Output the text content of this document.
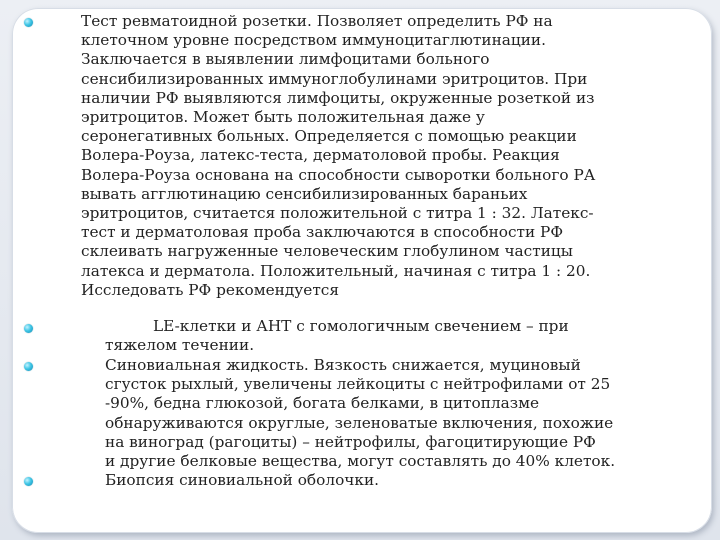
Тест ревматоидной розетки. Позволяет определить РФ на
клеточном уровне посредством иммуноцитаглютинации.
Заключается в выявлении лимфоцитами больного
сенсибилизированных иммуноглобулинами эритроцитов. При
наличии РФ выявляются лимфоциты, окруженные розеткой из
эритроцитов. Может быть положительная даже у
серонегативных больных. Определяется с помощью реакции
Волера-Роуза, латекс-теста, дерматоловой пробы. Реакция
Волера-Роуза основана на способности сыворотки больного РА
вывать агглютинацию сенсибилизированных бараньих
эритроцитов, считается положительной с титра 1 : 32. Латекс-
тест и дерматоловая проба заключаются в способности РФ
склеивать нагруженные человеческим глобулином частицы
латекса и дерматола. Положительный, начиная с титра 1 : 20.
Исследовать РФ рекомендуется
LE-клетки и АНТ с гомологичным свечением – при
тяжелом течении.
Синовиальная жидкость. Вязкость снижается, муциновый
сгусток рыхлый, увеличены лейкоциты с нейтрофилами от 25
-90%, бедна глюкозой, богата белками, в цитоплазме
обнаруживаются округлые, зеленоватые включения, похожие
на виноград (рагоциты) – нейтрофилы, фагоцитирующие РФ
и другие белковые вещества, могут составлять до 40% клеток.
Биопсия синовиальной оболочки.
